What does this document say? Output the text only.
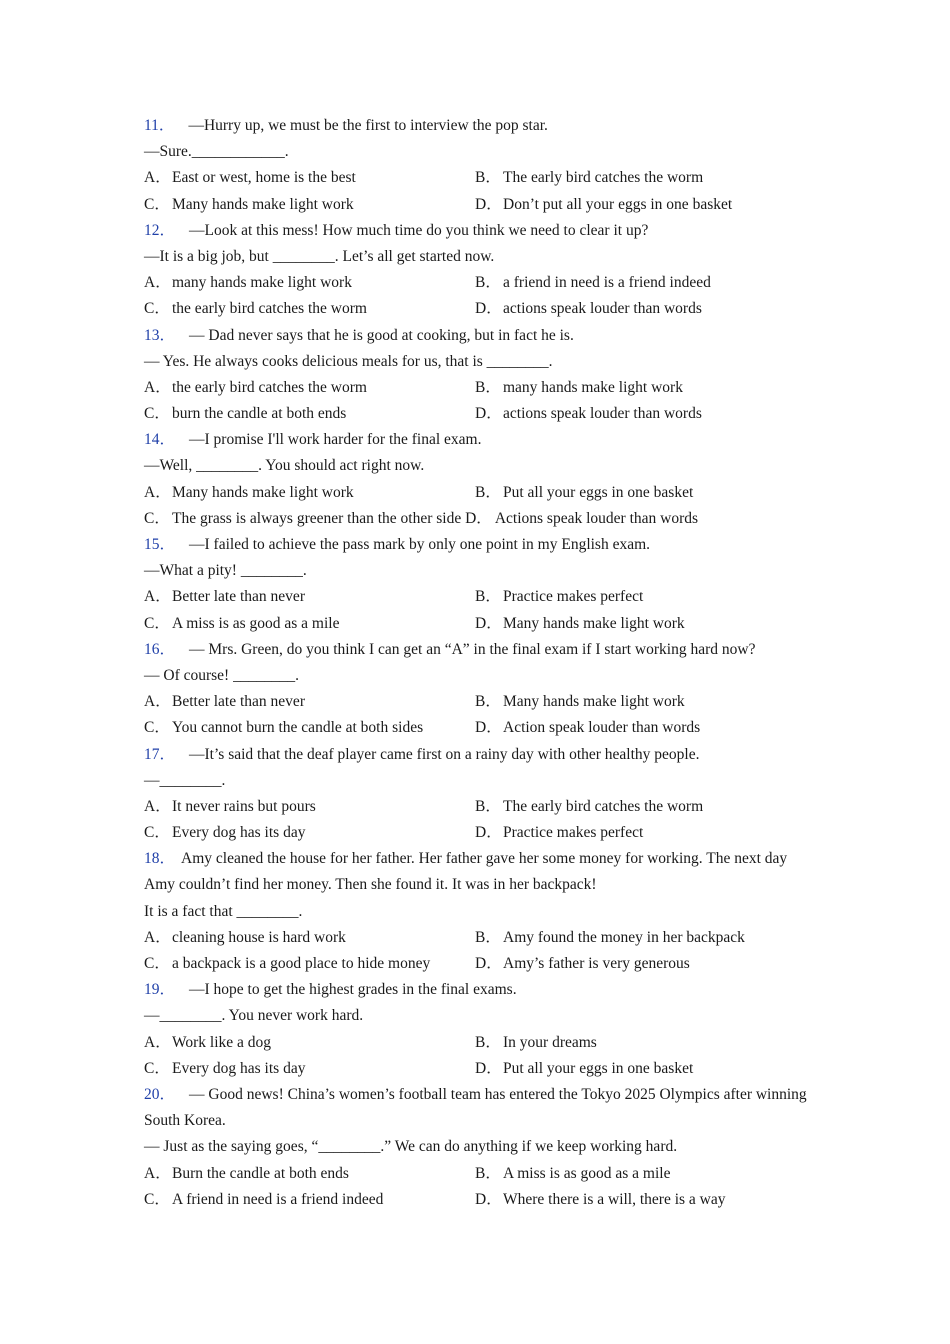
11． —Hurry up, we must be the first to interview the pop star.
—Sure.____________.
A．East or west, home is the best	B． The early bird catches the worm
C． Many hands make light work	D．Don’t put all your eggs in one basket
12． —Look at this mess! How much time do you think we need to clear it up?
—It is a big job, but ________. Let’s all get started now.
A．many hands make light work	B． a friend in need is a friend indeed
C． the early bird catches the worm	D．actions speak louder than words
13． — Dad never says that he is good at cooking, but in fact he is.
— Yes. He always cooks delicious meals for us, that is ________.
A．the early bird catches the worm	B． many hands make light work
C． burn the candle at both ends	D．actions speak louder than words
14． —I promise I'll work harder for the final exam.
—Well, ________. You should act right now.
A．Many hands make light work	B． Put all your eggs in one basket
C． The grass is always greener than the other side D． Actions speak louder than words
15． —I failed to achieve the pass mark by only one point in my English exam.
—What a pity! ________.
A．Better late than never	B． Practice makes perfect
C． A miss is as good as a mile	D．Many hands make light work
16． — Mrs. Green, do you think I can get an “A” in the final exam if I start working hard now?
— Of course! ________.
A．Better late than never	B． Many hands make light work
C． You cannot burn the candle at both sides	D．Action speak louder than words
17． —It’s said that the deaf player came first on a rainy day with other healthy people.
—________.
A．It never rains but pours	B． The early bird catches the worm
C． Every dog has its day	D．Practice makes perfect
18． Amy cleaned the house for her father. Her father gave her some money for working. The next day Amy couldn’t find her money. Then she found it. It was in her backpack!
It is a fact that ________.
A．cleaning house is hard work	B． Amy found the money in her backpack
C． a backpack is a good place to hide money	D．Amy’s father is very generous
19． —I hope to get the highest grades in the final exams.
—________. You never work hard.
A．Work like a dog	B． In your dreams
C． Every dog has its day	D．Put all your eggs in one basket
20． — Good news! China’s women’s football team has entered the Tokyo 2025 Olympics after winning South Korea.
— Just as the saying goes, “________.” We can do anything if we keep working hard.
A．Burn the candle at both ends	B． A miss is as good as a mile
C． A friend in need is a friend indeed	D．Where there is a will, there is a way
